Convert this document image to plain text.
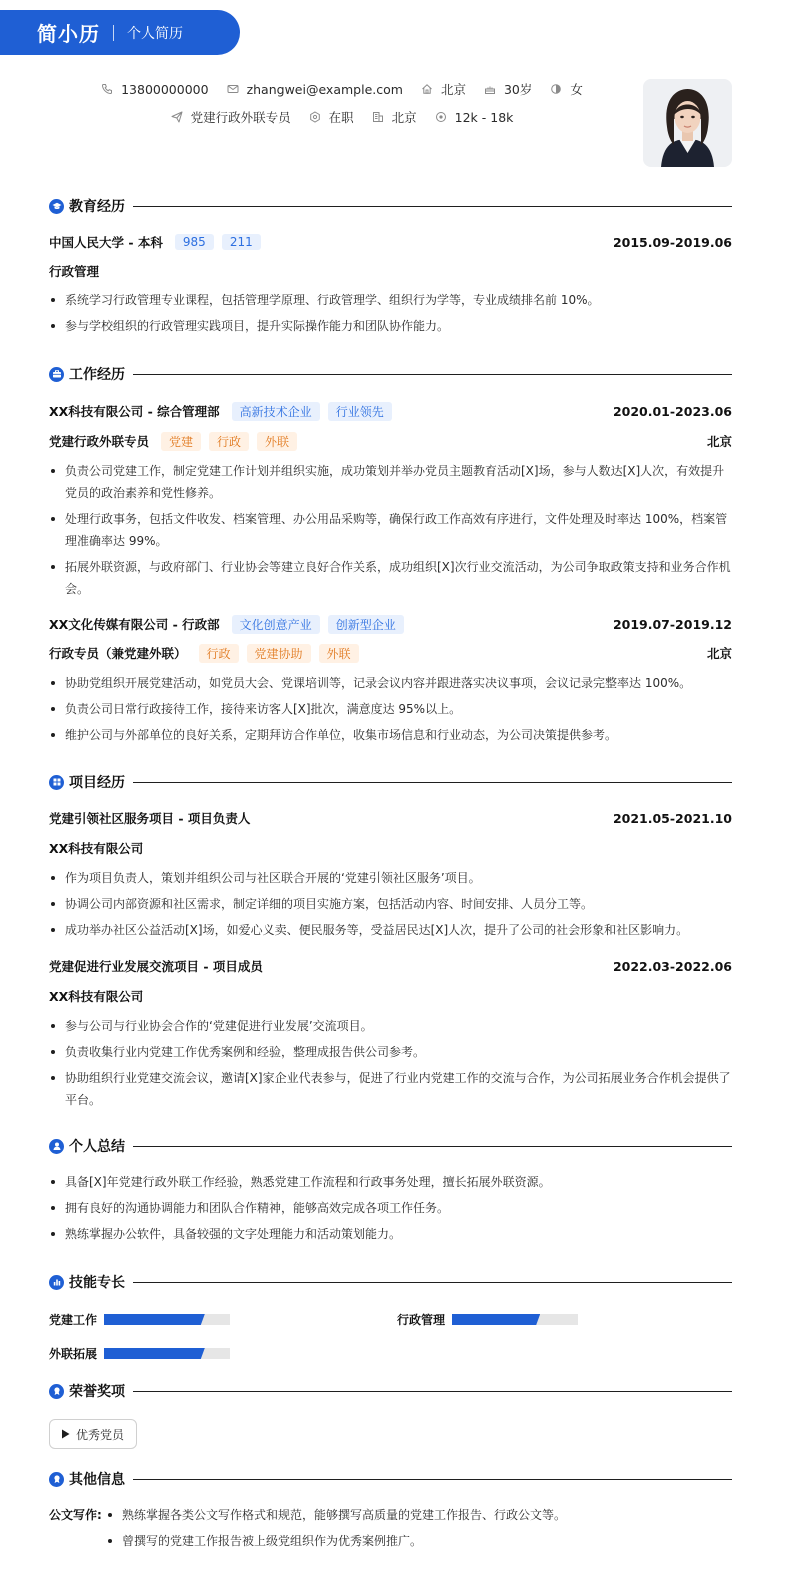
简小历 个人简历
13800000000	zhangwei@example.com	北京	30岁	女
党建行政外联专员	在职	北京	12k - 18k
教育经历
中国人民大学 - 本科	985	211	2015.09-2019.06
行政管理
系统学习行政管理专业课程，包括管理学原理、行政管理学、组织行为学等，专业成绩排名前 10%。
参与学校组织的行政管理实践项目，提升实际操作能力和团队协作能力。
工作经历
XX科技有限公司 - 综合管理部	高新技术企业	行业领先	2020.01-2023.06
党建行政外联专员	党建	行政	外联	北京
负责公司党建工作，制定党建工作计划并组织实施，成功策划并举办党员主题教育活动[X]场，参与人数达[X]人次，有效提升党员的政治素养和党性修养。
处理行政事务，包括文件收发、档案管理、办公用品采购等，确保行政工作高效有序进行，文件处理及时率达 100%，档案管理准确率达 99%。
拓展外联资源，与政府部门、行业协会等建立良好合作关系，成功组织[X]次行业交流活动，为公司争取政策支持和业务合作机会。
XX文化传媒有限公司 - 行政部	文化创意产业	创新型企业	2019.07-2019.12
行政专员（兼党建外联）	行政	党建协助	外联	北京
协助党组织开展党建活动，如党员大会、党课培训等，记录会议内容并跟进落实决议事项，会议记录完整率达 100%。
负责公司日常行政接待工作，接待来访客人[X]批次，满意度达 95%以上。
维护公司与外部单位的良好关系，定期拜访合作单位，收集市场信息和行业动态，为公司决策提供参考。
项目经历
党建引领社区服务项目 - 项目负责人	2021.05-2021.10
XX科技有限公司
作为项目负责人，策划并组织公司与社区联合开展的‘党建引领社区服务’项目。
协调公司内部资源和社区需求，制定详细的项目实施方案，包括活动内容、时间安排、人员分工等。
成功举办社区公益活动[X]场，如爱心义卖、便民服务等，受益居民达[X]人次，提升了公司的社会形象和社区影响力。
党建促进行业发展交流项目 - 项目成员	2022.03-2022.06
XX科技有限公司
参与公司与行业协会合作的‘党建促进行业发展’交流项目。
负责收集行业内党建工作优秀案例和经验，整理成报告供公司参考。
协助组织行业党建交流会议，邀请[X]家企业代表参与，促进了行业内党建工作的交流与合作，为公司拓展业务合作机会提供了平台。
个人总结
具备[X]年党建行政外联工作经验，熟悉党建工作流程和行政事务处理，擅长拓展外联资源。
拥有良好的沟通协调能力和团队合作精神，能够高效完成各项工作任务。
熟练掌握办公软件，具备较强的文字处理能力和活动策划能力。
技能专长
党建工作	行政管理
外联拓展
荣誉奖项
优秀党员
其他信息
公文写作:	熟练掌握各类公文写作格式和规范，能够撰写高质量的党建工作报告、行政公文等。
曾撰写的党建工作报告被上级党组织作为优秀案例推广。
